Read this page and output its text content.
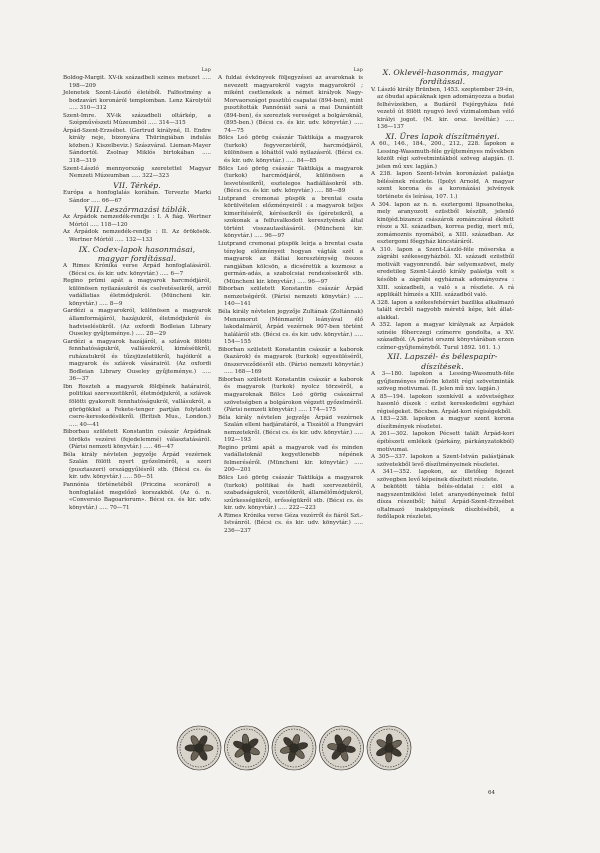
Lap

Boldog-Margit. XV-ik századbeli szines metszet ..... 198—209

Jelenetek Szent-László életéből. Falfestmény a bodzavári koronáról templomban. Lenz Károlytól ..... 310—312

Szent-Imre. XV-ik századbeli oltárkép, a Szépművészeti Múzeumból ..... 314—315

Árpád-Szent-Erzsébet. (Gertrud királyné, II. Endre király neje, bizonyára Thüringiában indulás közben.) Kiszelbeviz.) Szászváral. Lieman-Mayer Sándortól. Zsolnay Miklós birtokában ..... 318—319

Szent-László mennyország szeretettel Magyar Nemzeti Múzeumban ..... 322—323

VII. Térkép.

Európa a honfoglalás korában. Tervezte Marki Sándor ..... 66—67

VIII. Leszármazási táblák.

Az Árpádok nemzedék-rendje : I. A fiág. Wertner Mórtól ..... 118—120

Az Árpádok nemzedék-rendje : II. Az örökösök. Wertner Mórtól ..... 132—133

IX. Codex-lapok hasonmásai, magyar fordítással.

A Rimes Krónika verse Árpád honfoglalásáról. (Bécsi cs. és kir. udv. könyvtár.) ..... 6—7

Regino prümi apát a magyarok harcmódjáról, különösen nyilazásukról és cselvetéseikről, arról vadállatias életmódjukról. (Müncheni kir. könyvtár.) ..... 8—9

Gardézi a magyarokról, különösen a magyarok államformájáról, hazájukról, életmódjukról és hadviselésükről. (Az oxfordi Bodleian Library Ouseley gyűjteménye.) ..... 28—29

Gardézi a magyarok hazájáról, a szlávok fölötti fennhatóságukról, vallásukról, kiméséükről, ruházatukról és tűzsjüzeletükről, hajóikról a magyarok és szlávok vásárairól. (Az oxfordi Bodleian Library Ouseley gyűjteménye.) ..... 36—37

Ibn Roszteh a magyarok földjének határairól, politikai szervezetükről, életmódjukról, a szlávok fölötti gyakorolt fennhatóságukról, vallásukról, a görögökkel a Fekete-tenger partján folytatott csere-kereskedésükről. (British Mus., London.) ..... 40—41

Biborbau született Konstantin császár Árpádnak törökös vezérei (fejedelemmé) választatásáról. (Párisi nemzeti könyvtár.) ..... 46—47

Béla király névtelen jegyzője Árpád vezérnek Szalán fölött nyert győzelméről, a szeri (pusztaszeri) országgyűlésről stb. (Bécsi cs. és kir. udv. könyvtár.) ..... 50—51

Pannónia történetéből (Priczina scorárol) a honfoglalást megelőző korszakból. (Az ó. n. «Conversio Bagoariorum». Bécsi cs. és kir. udv. könyvtár.) ..... 70—71

Lap

A fuldai évkönyvek följegyzései az avaroknak is nevezett magyarokról vagyis magyarokról ; miként csetlenekek a német királyok Nagy-Morvaországot pusztító csapatai (894-ben), mint pusztították Pannóniát sará a mai Dunántúlt (894-ben), és szereztek vereséget a bolgároknál, (895-ben.) (Bécsi cs. és kir. udv. könyvtár.) ..... 74—75

Bölcs Leó görög császár Taktikája a magyarok (turkok) fegyverzetéről, harcmódjáról, különösen a lóháttól való nyilazásról. (Bécsi cs. és kir. udv. könyvtár.) ..... 84—85

Bölcs Leó görög császár Taktikája a magyarok (turkok) harcmódjáról, különösen a lesvetéseikről, esztelegos hadiállásokról stb. (Bécsi cs. és kir. udv. könyvtár.) ..... 88—89

Liutprand cremonai püspök a brentai csata körülvételen előzményeiről : a magyarok teljes kimerítéséről, kéréseikről és ígéreteikről, a szokonak a felfuvalkodott keresztyének által történt visszautasításáról. (Müncheni kir. könyvtár.) ..... 96—97

Liutprand cremonai püspök leírja a brentai csata tényleg előzményeit hogyan vágták szét a magyarok az itáliai kereszténység összes rangjában kölcsön, a dicséretük a kozmosz a germán-adás, a szabolcsiai rendezésekről stb. (Müncheni kir. könyvtár.) ..... 96—97

Biborban született Konstantin császár Árpád nemzetségéről. (Párisi nemzeti könyvtár.) ..... 140—141

Béla király névtelen jegyzője Zultának (Zoltánnak) Menumorut (Ménmarót) leányával élő lakodalmáról, Árpád vezérnek 907-ben történt haláláról stb. (Bécsi cs. és kir. udv. könyvtár.) ..... 154—155

Biborban született Konstantin császár a kaborok (kazárok) és magyarok (turkok) egyesüléséről, önszerveződésről stb. (Párisi nemzeti könyvtár.) ..... 168—169

Biborban született Konstantin császár a kaborok és magyarok (turkok) nyolcz törzséről, a magyaroknak Bölcs Leó görög császárral szövetségben a bolgárokon végzett győzelméről. (Párisi nemzeti könyvtár.) ..... 174—175

Béla király névtelen jegyzője Árpád vezérnek Szalán elleni hadjáratáról, a Tiszától a Hungvári nemzetekről. (Bécsi cs. és kir. udv. könyvtár.) ..... 192—193

Regino prümi apát a magyarok vad és minden vadállatoknál kegyetlenebb népének felmeréséről. (Müncheni kir. könyvtár.) ..... 200—201

Bölcs Leó görög császár Taktikája a magyarok (turkok) politikai és hadi szervezetéről, szabadságukról, vezetőikről, államélőmódjukról, szűrkességükről, erősségükről stb. (Bécsi cs. és kir. udv. könyvtár.) ..... 222—223

A Rimes Krónika verse Géza vezérről és fiáról Szt.-Istvánról. (Bécsi cs. és kir. udv. könyvtár.) ..... 236—237

X. Oklevél-hasonmás, magyar fordítással.

V. László király Brünben, 1453. szeptember 29-én, az óbudai apácáknak igen adományozza a budai felhévízekben, a Budáról Fejérgyháza felé vezető út fölött nyugvó levő vízimalomban vélő királyi jogot. (M. kir. orsz. levéltár.) ..... 136—137

XI. Üres lapok díszítményei.

A 60., 146., 184., 200., 212., 228. lapokon a Lessing-Wassmuth-féle gyűjteményes művekben közölt régi szövetmintákból szöveg alapján. (I. jelen mű xxv. lapján.)

A 238. lapon Szent-István koronázást palástja bélésének részlete. (Ipolyi Arnold, A magyar szent korona és a koronázási jelvények története és leírása, 107. 1.)

A 304. lapon az n. n. esztergomi lipsanotheka, mely aranyozott ezüstből készült, jelenlő kinöjéd.bizanczi császárok zománczával ékített része a XI. században, korrea pedig, mert mű, zomámoznis nyomából, a XIII. században. Az esztergomi főegyház kincstáráról.

A 310. lapon a Szent-László-féle móserska a zágrábi székesegyházból. XI. századi ezüstbűl motivált vagyonrendő. bár selyemszövet, mely eredetileg Szent-László király palástja volt s később a zágrábi egyháznak adományozva : XIII. századbeli, a való s a részlete. A rá applikált hímzés a XIII. századból való.

A 328. lapon a székesfehérvári bazilika alkalmazó talált ércből nagyobb méretű képe, két állat-alakkal.

A 352. lapon a magyar királynak az Árpádok szinéie főherczegi czímerre gondolta, a XV. századból. (A párisi orszmi könyvtárában erzen czímer-gyűjteményből. Turul 1892. 161. 1.)

XII. Lapszél- és bélespapír-díszítések.

A 3—180. lapokon a Lessing-Wassmuth-féle gyűjteményes művön közölt régi szövetminták szöveg motivumai. (I. jelen mű xxv. lapján.)

A 85—194. lapokon szenkívül a szövetséghez hasonló díszek : ezüst kereskedelmi egyházi régiségeket. Bécsben. Árpád-kori régiségekből.

A 183—238. lapokon a magyar szent korona díszítmények részletei.

A 261—302. lapokon Pécsett talált Árpád-kori építészeti emlékek (párkány, párkányzatokból) motívumai.

A 305—337. lapokon a Szent-István palástjának szövetekből levő díszítményeinek részletei.

A 341—352. lapokon, az illetőleg fejezet szövegben levő képeinek díszített részlete.

A bekötött tábla bélés-oldalai : elöl a nagyszentmiklósi lelet aranyedényeinek felül dísza részeiből; hátul Árpád-Szent-Erzsébet oltalmazó inaköpnyének díszítéséből, a fedőlapok részletei.

64
